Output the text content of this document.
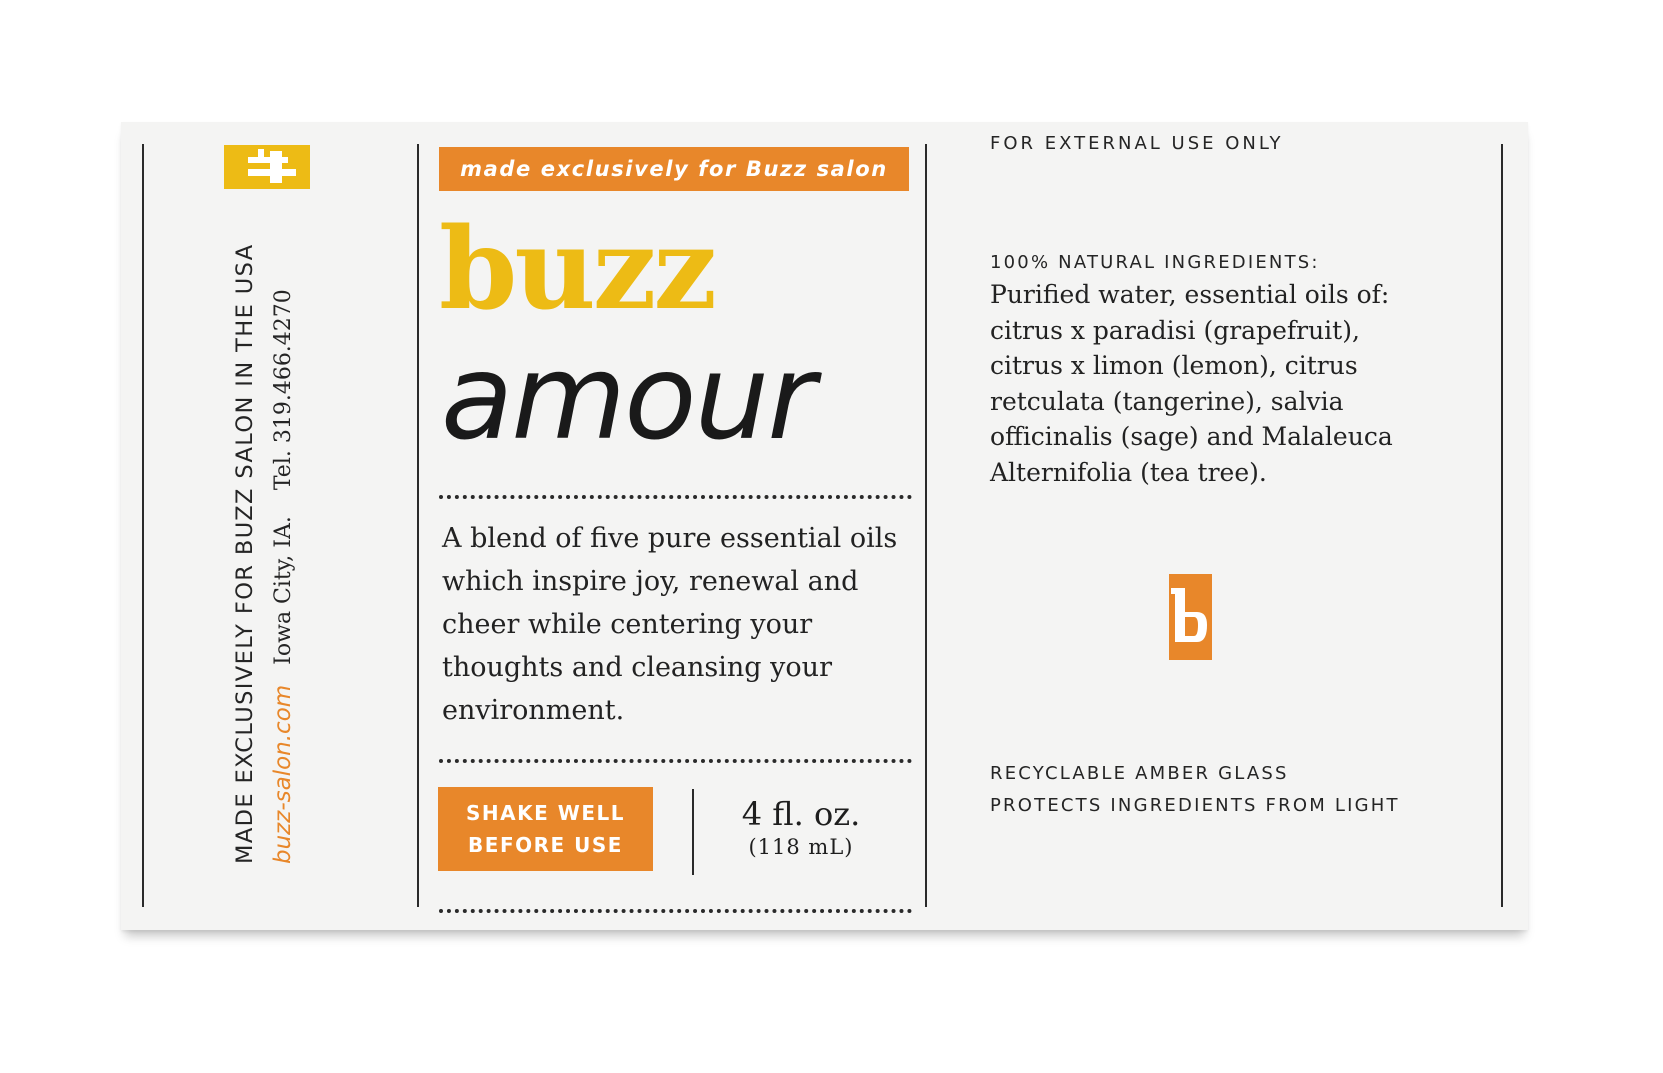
MADE EXCLUSIVELY FOR BUZZ SALON IN THE USA buzz-salon.comIowa City, IA.Tel. 319.466.4270
made exclusively for Buzz salon
buzz
amour
A blend of five pure essential oils which inspire joy, renewal and cheer while centering your thoughts and cleansing your environment.
SHAKE WELL
BEFORE USE
4 fl. oz.
(118 mL)
FOR EXTERNAL USE ONLY
100% NATURAL INGREDIENTS:
Purified water, essential oils of: citrus x paradisi (grapefruit), citrus x limon (lemon), citrus retculata (tangerine), salvia officinalis (sage) and Malaleuca Alternifolia (tea tree).
RECYCLABLE AMBER GLASS
PROTECTS INGREDIENTS FROM LIGHT
